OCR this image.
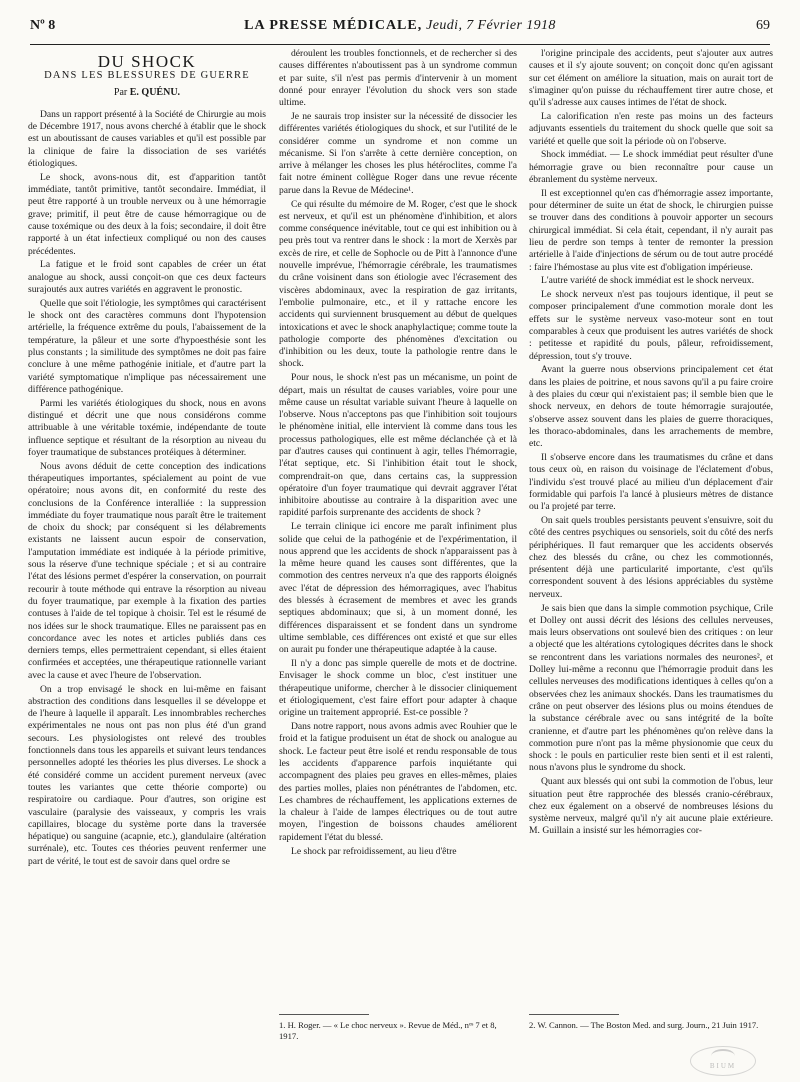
Nº 8	LA PRESSE MÉDICALE, Jeudi, 7 Février 1918	69
DU SHOCK
DANS LES BLESSURES DE GUERRE
Par E. QUÉNU.

Dans un rapport présenté à la Société de Chirurgie au mois de Décembre 1917, nous avons cherché à établir que le shock est un aboutissant de causes variables et qu'il est possible par la clinique de faire la dissociation de ses variétés étiologiques.

Le shock, avons-nous dit, est d'apparition tantôt immédiate, tantôt primitive, tantôt secondaire. Immédiat, il peut être rapporté à un trouble nerveux ou à une hémorragie grave; primitif, il peut être de cause hémorragique ou de cause toxémique ou des deux à la fois; secondaire, il doit être rapporté à un état infectieux compliqué ou non des causes précédentes.

La fatigue et le froid sont capables de créer un état analogue au shock, aussi conçoit-on que ces deux facteurs surajoutés aux autres variétés en aggravent le pronostic.

Quelle que soit l'étiologie, les symptômes qui caractérisent le shock ont des caractères communs dont l'hypotension artérielle, la fréquence extrême du pouls, l'abaissement de la température, la pâleur et une sorte d'hypoesthésie sont les plus constants ; la similitude des symptômes ne doit pas faire conclure à une même pathogénie initiale, et d'autre part la variété symptomatique n'implique pas nécessairement une différence pathogénique.

Parmi les variétés étiologiques du shock, nous en avons distingué et décrit une que nous considérons comme attribuable à une véritable toxémie, indépendante de toute influence septique et résultant de la résorption au niveau du foyer traumatique de substances protéiques à déterminer.

Nous avons déduit de cette conception des indications thérapeutiques importantes, spécialement au point de vue opératoire; nous avons dit, en conformité du reste des conclusions de la Conférence interalliée : la suppression immédiate du foyer traumatique nous paraît être le traitement de choix du shock; par conséquent si les délabrements existants ne laissent aucun espoir de conservation, l'amputation immédiate est indiquée à la période primitive, sous la réserve d'une technique spéciale ; et si au contraire l'état des lésions permet d'espérer la conservation, on pourrait recourir à toute méthode qui entrave la résorption au niveau du foyer traumatique, par exemple à la fixation des parties contuses à l'aide de tel topique à choisir. Tel est le résumé de nos idées sur le shock traumatique. Elles ne paraissent pas en concordance avec les notes et articles publiés dans ces derniers temps, elles permettraient cependant, si elles étaient confirmées et acceptées, une thérapeutique rationnelle variant avec la cause et avec l'heure de l'observation.

On a trop envisagé le shock en lui-même en faisant abstraction des conditions dans lesquelles il se développe et de l'heure à laquelle il apparaît. Les innombrables recherches expérimentales ne nous ont pas non plus été d'un grand secours. Les physiologistes ont relevé des troubles fonctionnels dans tous les appareils et suivant leurs tendances personnelles adopté les théories les plus diverses. Le shock a été considéré comme un accident purement nerveux (avec toutes les variantes que cette théorie comporte) ou respiratoire ou cardiaque. Pour d'autres, son origine est vasculaire (paralysie des vaisseaux, y compris les vrais capillaires, blocage du système porte dans la traversée hépatique) ou sanguine (acapnie, etc.), glandulaire (altération surrénale), etc. Toutes ces théories peuvent renfermer une part de vérité, le tout est de savoir dans quel ordre se

déroulent les troubles fonctionnels, et de rechercher si des causes différentes n'aboutissent pas à un syndrome commun et par suite, s'il n'est pas permis d'intervenir à un moment donné pour enrayer l'évolution du shock vers son stade ultime.

Je ne saurais trop insister sur la nécessité de dissocier les différentes variétés étiologiques du shock, et sur l'utilité de le considérer comme un syndrome et non comme un mécanisme. Si l'on s'arrête à cette dernière conception, on arrive à mélanger les choses les plus hétéroclites, comme l'a fait notre éminent collègue Roger dans une revue récente parue dans la Revue de Médecine¹.

Ce qui résulte du mémoire de M. Roger, c'est que le shock est nerveux, et qu'il est un phénomène d'inhibition, et alors comme conséquence inévitable, tout ce qui est inhibition ou à peu près tout va rentrer dans le shock : la mort de Xerxès par excès de rire, et celle de Sophocle ou de Pitt à l'annonce d'une nouvelle imprévue, l'hémorragie cérébrale, les traumatismes du crâne voisinent dans son étiologie avec l'écrasement des viscères abdominaux, avec la respiration de gaz irritants, l'embolie pulmonaire, etc., et il y rattache encore les accidents qui surviennent brusquement au début de quelques intoxications et avec le shock anaphylactique; comme toute la pathologie comporte des phénomènes d'excitation ou d'inhibition ou les deux, toute la pathologie rentre dans le shock.

Pour nous, le shock n'est pas un mécanisme, un point de départ, mais un résultat de causes variables, voire pour une même cause un résultat variable suivant l'heure à laquelle on l'observe. Nous n'acceptons pas que l'inhibition soit toujours le phénomène initial, elle intervient là comme dans tous les processus pathologiques, elle est même déclanchée çà et là par d'autres causes qui continuent à agir, telles l'hémorragie, l'état septique, etc. Si l'inhibition était tout le shock, comprendrait-on que, dans certains cas, la suppression opératoire d'un foyer traumatique qui devrait aggraver l'état inhibitoire aboutisse au contraire à la disparition avec une rapidité parfois surprenante des accidents de shock ?

Le terrain clinique ici encore me paraît infiniment plus solide que celui de la pathogénie et de l'expérimentation, il nous apprend que les accidents de shock n'apparaissent pas à la même heure quand les causes sont différentes, que la commotion des centres nerveux n'a que des rapports éloignés avec l'état de dépression des hémorragiques, avec l'habitus des blessés à écrasement de membres et avec les grands septiques abdominaux; que si, à un moment donné, les différences disparaissent et se fondent dans un syndrome ultime semblable, ces différences ont existé et que sur elles on aurait pu fonder une thérapeutique adaptée à la cause.

Il n'y a donc pas simple querelle de mots et de doctrine. Envisager le shock comme un bloc, c'est instituer une thérapeutique uniforme, chercher à le dissocier cliniquement et étiologiquement, c'est faire effort pour adapter à chaque origine un traitement approprié. Est-ce possible ?

Dans notre rapport, nous avons admis avec Rouhier que le froid et la fatigue produisent un état de shock ou analogue au shock. Le facteur peut être isolé et rendu responsable de tous les accidents d'apparence parfois inquiétante qui accompagnent des plaies peu graves en elles-mêmes, plaies des parties molles, plaies non pénétrantes de l'abdomen, etc. Les chambres de réchauffement, les applications externes de la chaleur à l'aide de lampes électriques ou de tout autre moyen, l'ingestion de boissons chaudes améliorent rapidement l'état du blessé.

Le shock par refroidissement, au lieu d'être

l'origine principale des accidents, peut s'ajouter aux autres causes et il s'y ajoute souvent; on conçoit donc qu'en agissant sur cet élément on améliore la situation, mais on aurait tort de s'imaginer qu'on puisse du réchauffement tirer autre chose, et qu'il s'adresse aux causes intimes de l'état de shock.

La calorification n'en reste pas moins un des facteurs adjuvants essentiels du traitement du shock quelle que soit sa variété et quelle que soit la période où on l'observe.

Shock immédiat. — Le shock immédiat peut résulter d'une hémorragie grave ou bien reconnaître pour cause un ébranlement du système nerveux.

Il est exceptionnel qu'en cas d'hémorragie assez importante, pour déterminer de suite un état de shock, le chirurgien puisse se trouver dans des conditions à pouvoir apporter un secours chirurgical immédiat. Si cela était, cependant, il n'y aurait pas lieu de perdre son temps à tenter de remonter la pression artérielle à l'aide d'injections de sérum ou de tout autre procédé : faire l'hémostase au plus vite est d'obligation impérieuse.

L'autre variété de shock immédiat est le shock nerveux.

Le shock nerveux n'est pas toujours identique, il peut se composer principalement d'une commotion morale dont les effets sur le système nerveux vaso-moteur sont en tout comparables à ceux que produisent les autres variétés de shock : petitesse et rapidité du pouls, pâleur, refroidissement, dépression, tout s'y trouve.

Avant la guerre nous observions principalement cet état dans les plaies de poitrine, et nous savons qu'il a pu faire croire à des plaies du cœur qui n'existaient pas; il semble bien que le shock nerveux, en dehors de toute hémorragie surajoutée, s'observe assez souvent dans les plaies de guerre thoraciques, les thoraco-abdominales, dans les arrachements de membre, etc.

Il s'observe encore dans les traumatismes du crâne et dans tous ceux où, en raison du voisinage de l'éclatement d'obus, l'individu s'est trouvé placé au milieu d'un déplacement d'air formidable qui parfois l'a lancé à plusieurs mètres de distance ou l'a projeté par terre.

On sait quels troubles persistants peuvent s'ensuivre, soit du côté des centres psychiques ou sensoriels, soit du côté des nerfs périphériques. Il faut remarquer que les accidents observés chez des blessés du crâne, ou chez les commotionnés, présentent déjà une particularité importante, c'est qu'ils correspondent souvent à des lésions appréciables du système nerveux.

Je sais bien que dans la simple commotion psychique, Crile et Dolley ont aussi décrit des lésions des cellules nerveuses, mais leurs observations ont soulevé bien des critiques : on leur a objecté que les altérations cytologiques décrites dans le shock se rencontrent dans les variations normales des neurones², et Dolley lui-même a reconnu que l'hémorragie produit dans les cellules nerveuses des modifications identiques à celles qu'on a observées chez les animaux shockés. Dans les traumatismes du crâne on peut observer des lésions plus ou moins étendues de la substance cérébrale avec ou sans intégrité de la boîte cranienne, et d'autre part les phénomènes qu'on relève dans la commotion pure n'ont pas la même physionomie que ceux du shock : le pouls en particulier reste bien senti et il est ralenti, nous n'avons plus le syndrome du shock.

Quant aux blessés qui ont subi la commotion de l'obus, leur situation peut être rapprochée des blessés cranio-cérébraux, chez eux également on a observé de nombreuses lésions du système nerveux, malgré qu'il n'y ait aucune plaie extérieure. M. Guillain a insisté sur les hémorragies cor-

1. H. Roger. — « Le choc nerveux ». Revue de Méd., nᵒˢ 7 et 8, 1917.
2. W. Cannon. — The Boston Med. and surg. Journ., 21 Juin 1917.
BIUM
